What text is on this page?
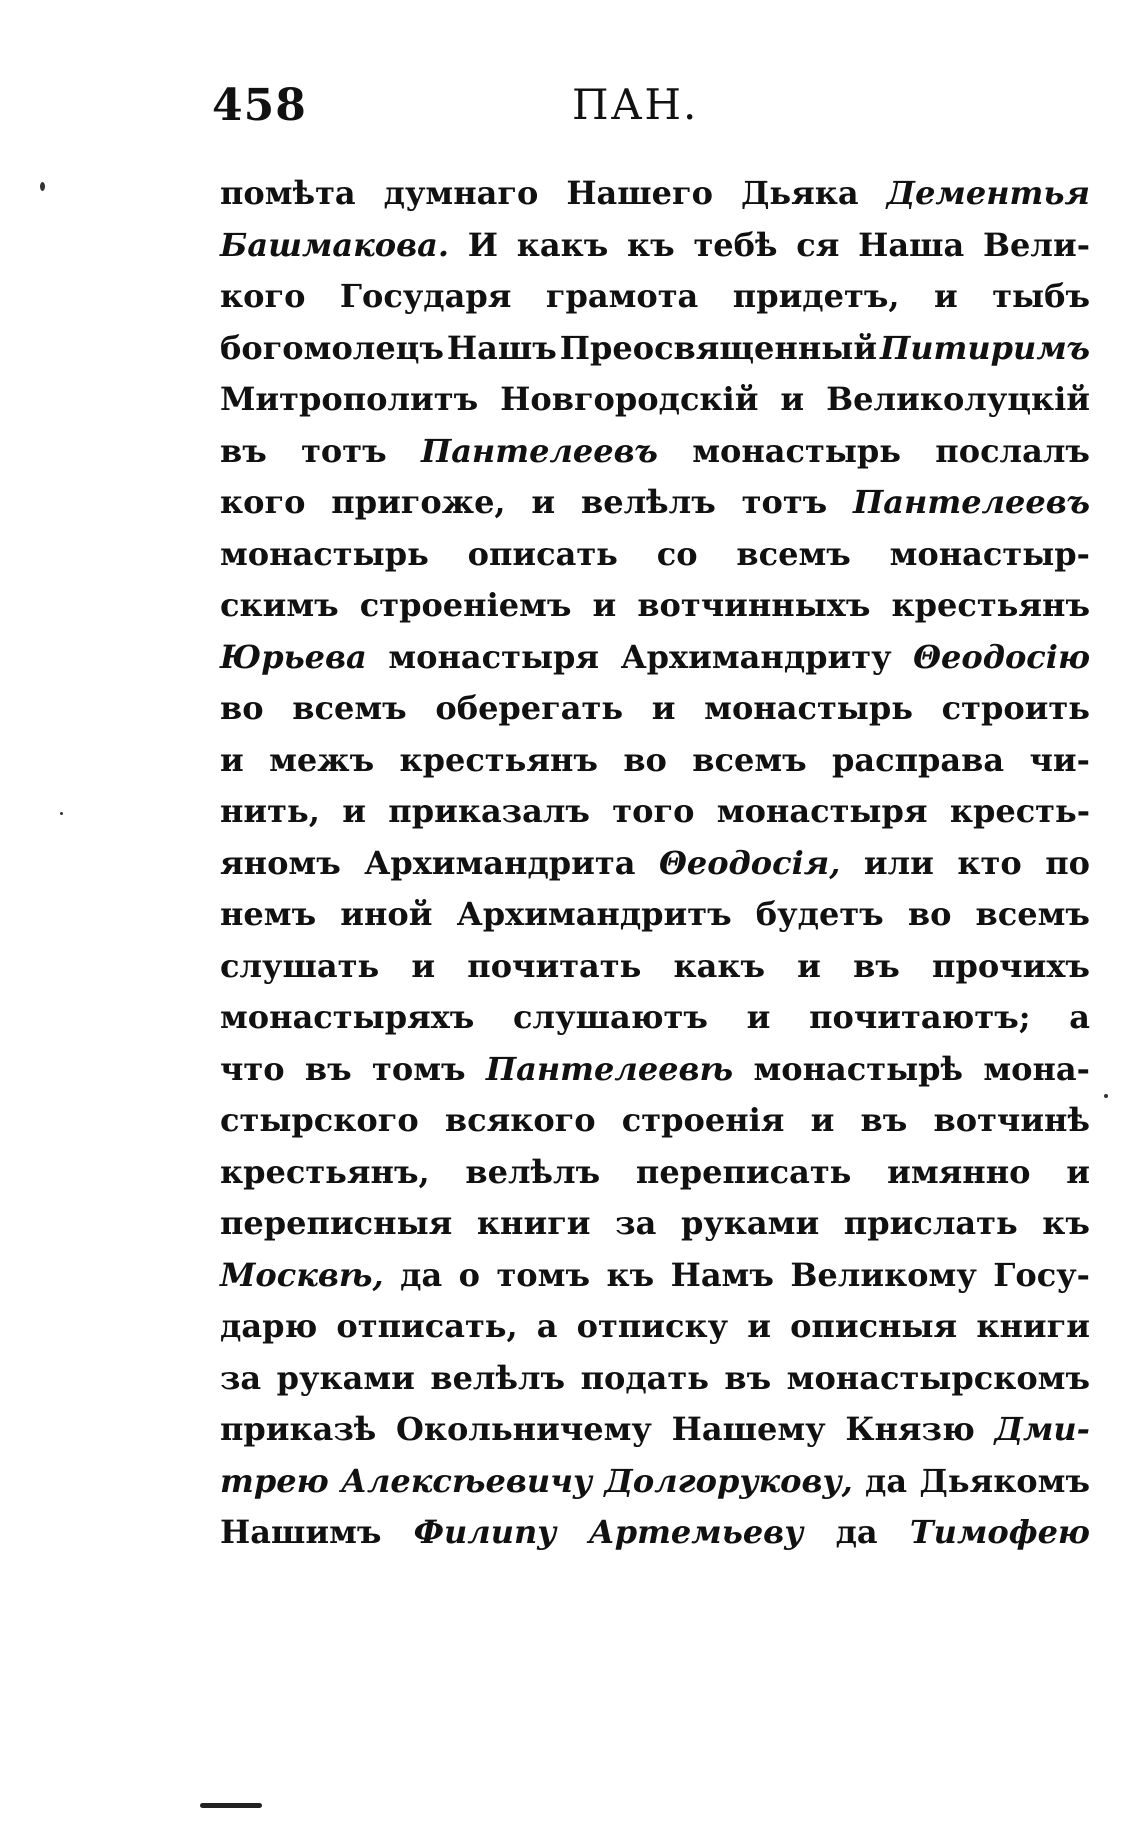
458	ПАН.
помѣта думнаго Нашего Дьяка Дементья
Башмакова. И какъ къ тебѣ ся Наша Вели-
кого Государя грамота придетъ, и тыбъ
богомолецъ Нашъ Преосвященный Питиримъ
Митрополитъ Новгородскій и Великолуцкій
въ тотъ Пантелеевъ монастырь послалъ
кого пригоже, и велѣлъ тотъ Пантелеевъ
монастырь описать со всемъ монастыр-
скимъ строеніемъ и вотчинныхъ крестьянъ
Юрьева монастыря Архимандриту Θеодосію
во всемъ оберегать и монастырь строить
и межъ крестьянъ во всемъ расправа чи-
нить, и приказалъ того монастыря кресть-
яномъ Архимандрита Θеодосія, или кто по
немъ иной Архимандритъ будетъ во всемъ
слушать и почитать какъ и въ прочихъ
монастыряхъ слушаютъ и почитаютъ; а
что въ томъ Пантелеевѣ монастырѣ мона-
стырского всякого строенія и въ вотчинѣ
крестьянъ, велѣлъ переписать имянно и
переписныя книги за руками прислать къ
Москвѣ, да о томъ къ Намъ Великому Госу-
дарю отписать, а отписку и описныя книги
за руками велѣлъ подать въ монастырскомъ
приказѣ Окольничему Нашему Князю Дми-
трею Алексѣевичу Долгорукову, да Дьякомъ
Нашимъ Филипу Артемьеву да Тимофею
